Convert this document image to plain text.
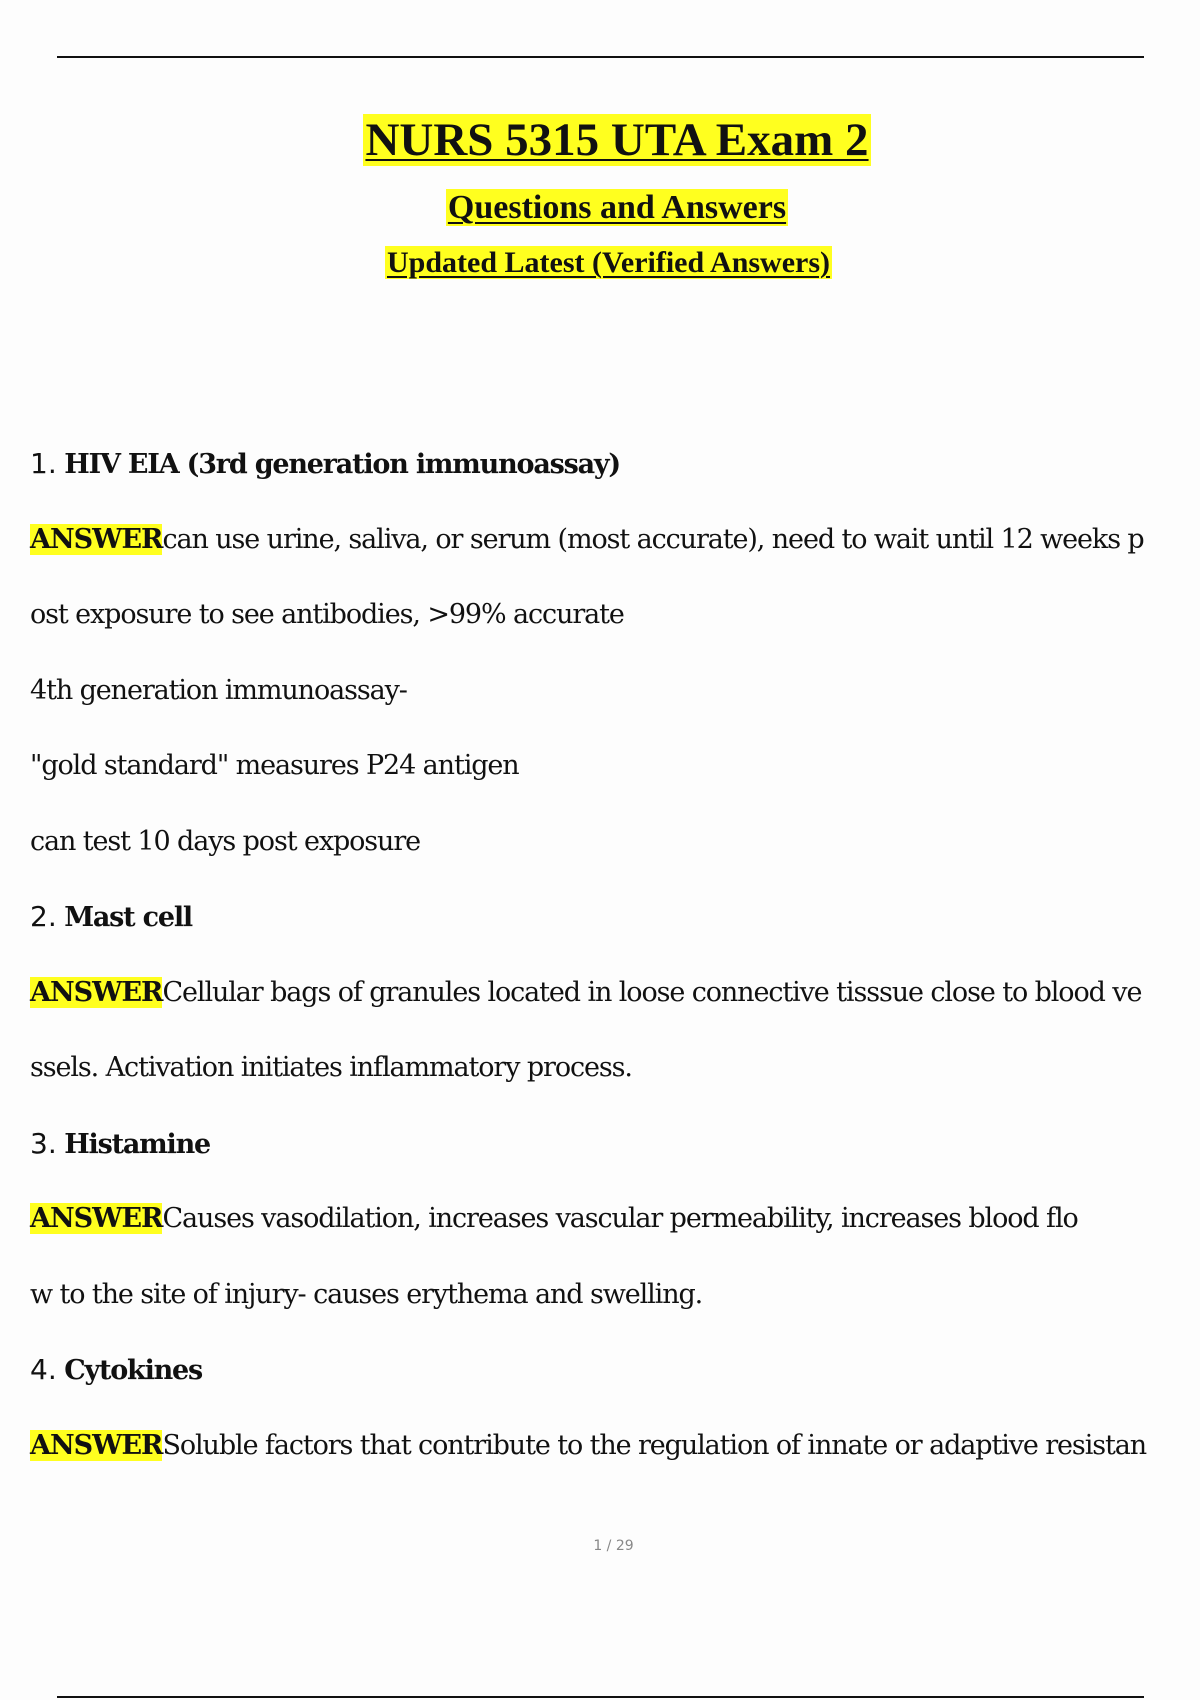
NURS 5315 UTA Exam 2
Questions and Answers
Updated Latest (Verified Answers)
1. HIV EIA (3rd generation immunoassay)
ANSWERcan use urine, saliva, or serum (most accurate), need to wait until 12 weeks p
ost exposure to see antibodies, >99% accurate
4th generation immunoassay-
"gold standard" measures P24 antigen
can test 10 days post exposure
2. Mast cell
ANSWERCellular bags of granules located in loose connective tisssue close to blood ve
ssels. Activation initiates inflammatory process.
3. Histamine
ANSWERCauses vasodilation, increases vascular permeability, increases blood flo
w to the site of injury- causes erythema and swelling.
4. Cytokines
ANSWERSoluble factors that contribute to the regulation of innate or adaptive resistan
1 / 29
